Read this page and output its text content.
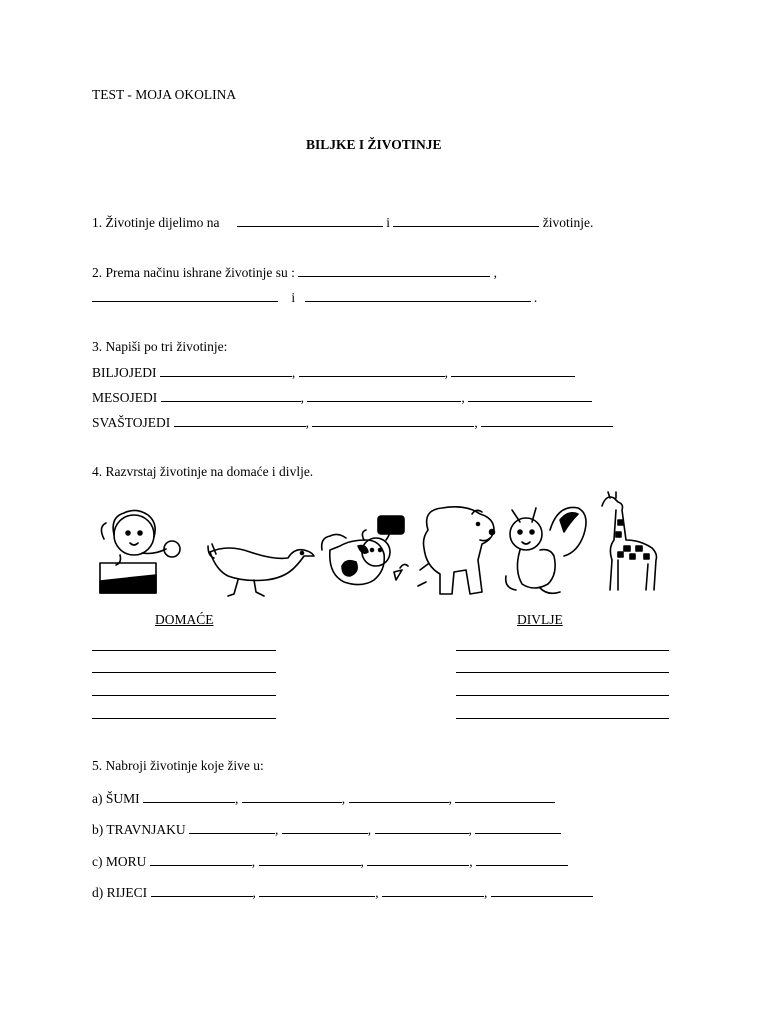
TEST - MOJA OKOLINA
BILJKE I ŽIVOTINJE
1. Životinje dijelimo na	i	životinje.
2. Prema načinu ishrane životinje su :	,
i	.
3. Napiši po tri životinje:
BILJOJEDI	,	,
MESOJEDI	,	,
SVAŠTOJEDI	,	,
4. Razvrstaj životinje na domaće i divlje.
DOMAĆE	DIVLJE
5. Nabroji životinje koje žive u:
a) ŠUMI	,	,	,
b) TRAVNJAKU	,	,	,
c) MORU	,	,	,
d) RIJECI	,	,	,
